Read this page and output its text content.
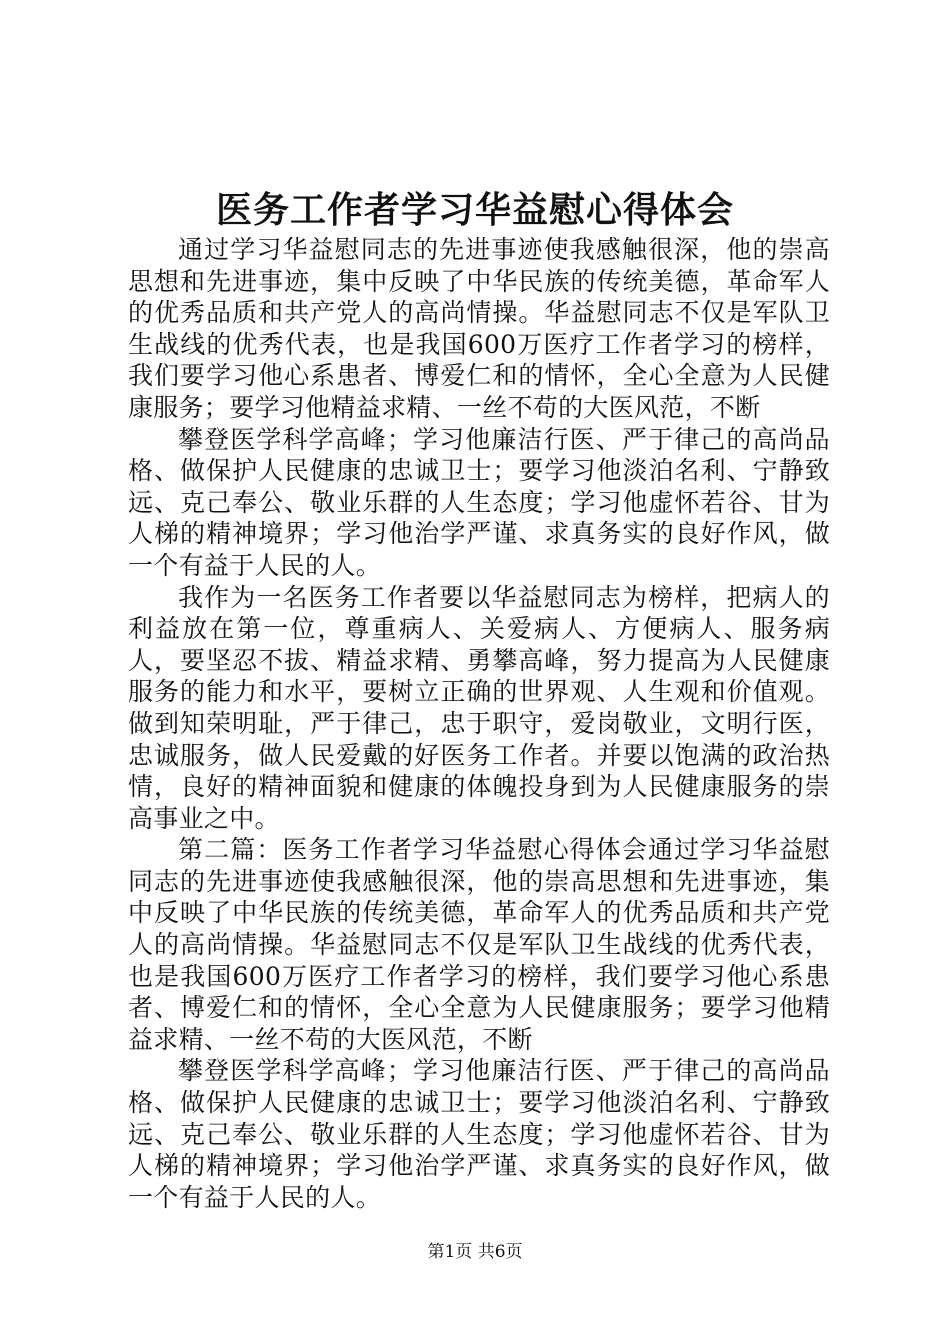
医务工作者学习华益慰心得体会

通过学习华益慰同志的先进事迹使我感触很深，他的崇高思想和先进事迹，集中反映了中华民族的传统美德，革命军人的优秀品质和共产党人的高尚情操。华益慰同志不仅是军队卫生战线的优秀代表，也是我国600万医疗工作者学习的榜样，我们要学习他心系患者、博爱仁和的情怀，全心全意为人民健康服务；要学习他精益求精、一丝不苟的大医风范，不断

攀登医学科学高峰；学习他廉洁行医、严于律己的高尚品格、做保护人民健康的忠诚卫士；要学习他淡泊名利、宁静致远、克己奉公、敬业乐群的人生态度；学习他虚怀若谷、甘为人梯的精神境界；学习他治学严谨、求真务实的良好作风，做一个有益于人民的人。

我作为一名医务工作者要以华益慰同志为榜样，把病人的利益放在第一位，尊重病人、关爱病人、方便病人、服务病人，要坚忍不拔、精益求精、勇攀高峰，努力提高为人民健康服务的能力和水平，要树立正确的世界观、人生观和价值观。做到知荣明耻，严于律己，忠于职守，爱岗敬业，文明行医，忠诚服务，做人民爱戴的好医务工作者。并要以饱满的政治热情，良好的精神面貌和健康的体魄投身到为人民健康服务的崇高事业之中。

第二篇：医务工作者学习华益慰心得体会通过学习华益慰同志的先进事迹使我感触很深，他的崇高思想和先进事迹，集中反映了中华民族的传统美德，革命军人的优秀品质和共产党人的高尚情操。华益慰同志不仅是军队卫生战线的优秀代表，也是我国600万医疗工作者学习的榜样，我们要学习他心系患者、博爱仁和的情怀，全心全意为人民健康服务；要学习他精益求精、一丝不苟的大医风范，不断

攀登医学科学高峰；学习他廉洁行医、严于律己的高尚品格、做保护人民健康的忠诚卫士；要学习他淡泊名利、宁静致远、克己奉公、敬业乐群的人生态度；学习他虚怀若谷、甘为人梯的精神境界；学习他治学严谨、求真务实的良好作风，做一个有益于人民的人。

第1页 共6页
